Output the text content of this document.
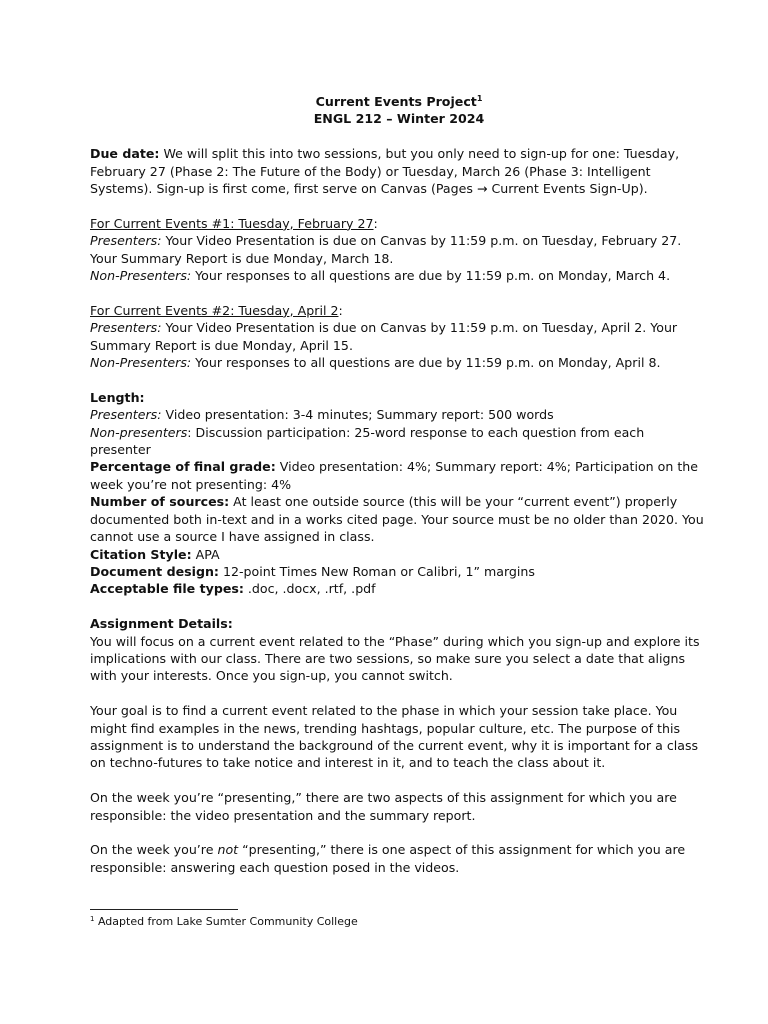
Current Events Project$^1$

ENGL 212 – Winter 2024

Due date: We will split this into two sessions, but you only need to sign-up for one: Tuesday, February 27 (Phase 2: The Future of the Body) or Tuesday, March 26 (Phase 3: Intelligent Systems). Sign-up is first come, first serve on Canvas (Pages → Current Events Sign-Up).

For Current Events #1: Tuesday, February 27:

Presenters: Your Video Presentation is due on Canvas by 11:59 p.m. on Tuesday, February 27. Your Summary Report is due Monday, March 18.

Non-Presenters: Your responses to all questions are due by 11:59 p.m. on Monday, March 4.

For Current Events #2: Tuesday, April 2:

Presenters: Your Video Presentation is due on Canvas by 11:59 p.m. on Tuesday, April 2. Your Summary Report is due Monday, April 15.

Non-Presenters: Your responses to all questions are due by 11:59 p.m. on Monday, April 8.

Length:

Presenters: Video presentation: 3-4 minutes; Summary report: 500 words

Non-presenters: Discussion participation: 25-word response to each question from each presenter

Percentage of final grade: Video presentation: 4%; Summary report: 4%; Participation on the week you’re not presenting: 4%

Number of sources: At least one outside source (this will be your “current event”) properly documented both in-text and in a works cited page. Your source must be no older than 2020. You cannot use a source I have assigned in class.

Citation Style: APA

Document design: 12-point Times New Roman or Calibri, 1” margins

Acceptable file types: .doc, .docx, .rtf, .pdf

Assignment Details:

You will focus on a current event related to the “Phase” during which you sign-up and explore its implications with our class. There are two sessions, so make sure you select a date that aligns with your interests. Once you sign-up, you cannot switch.

Your goal is to find a current event related to the phase in which your session take place. You might find examples in the news, trending hashtags, popular culture, etc. The purpose of this assignment is to understand the background of the current event, why it is important for a class on techno-futures to take notice and interest in it, and to teach the class about it.

On the week you’re “presenting,” there are two aspects of this assignment for which you are responsible: the video presentation and the summary report.

On the week you’re not “presenting,” there is one aspect of this assignment for which you are responsible: answering each question posed in the videos.

$^1$ Adapted from Lake Sumter Community College
